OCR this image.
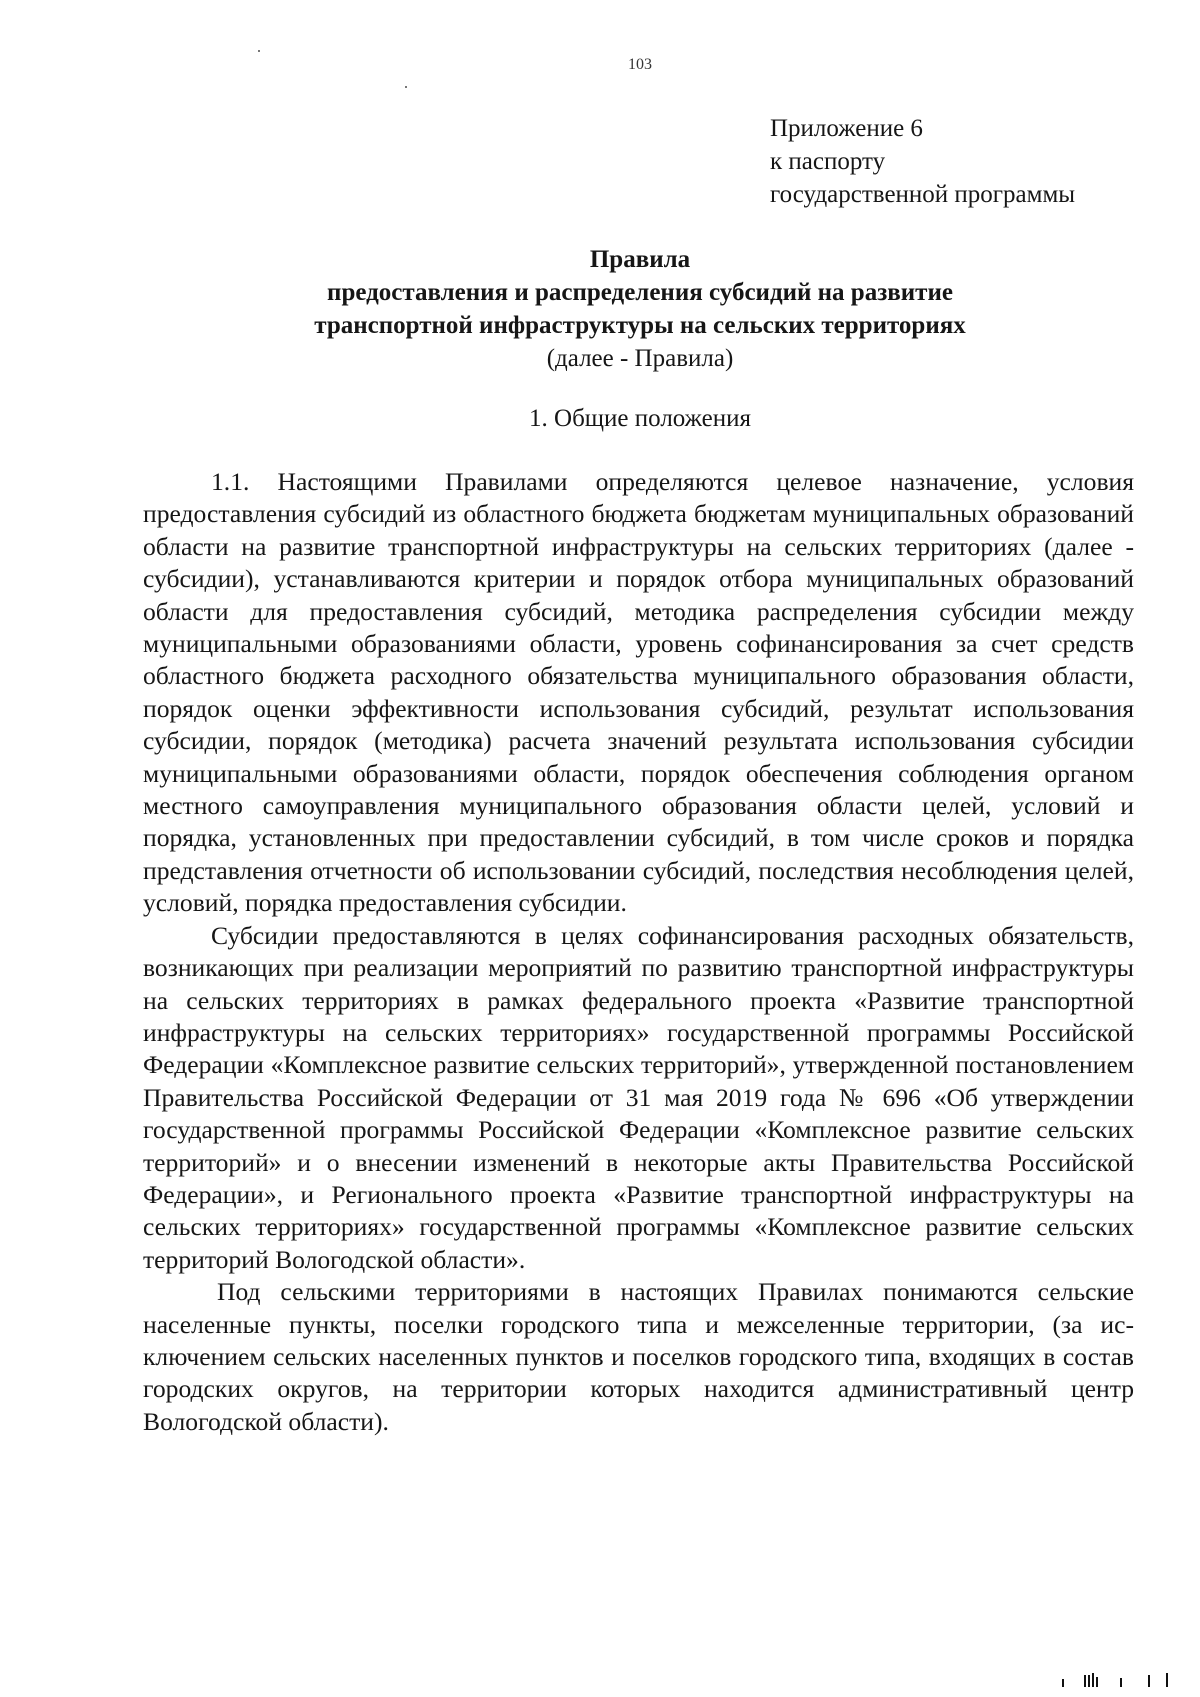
103
Приложение 6
к паспорту
государственной программы
Правила
предоставления и распределения субсидий на развитие
транспортной инфраструктуры на сельских территориях
(далее - Правила)
1. Общие положения

1.1. Настоящими Правилами определяются целевое назначение, условия предоставления субсидий из областного бюджета бюджетам муниципальных образований области на развитие транспортной инфраструктуры на сельских территориях (далее - субсидии), устанавливаются критерии и порядок отбора муниципальных образований области для предоставления субсидий, методика распределения субсидии между муниципальными образованиями области, уровень софинансирования за счет средств областного бюджета расходного обязательства муниципального образования области, порядок оценки эффективности использования субсидий, результат использования субсидии, порядок (методика) расчета значений результата использования субсидии муниципальными образованиями области, порядок обеспечения соблюдения органом местного самоуправления муниципального образования области целей, условий и порядка, установленных при предоставлении субсидий, в том числе сроков и порядка представления отчетности об использовании субсидий, последствия несоблюдения целей, условий, порядка предоставления субсидии.

Субсидии предоставляются в целях софинансирования расходных обязательств, возникающих при реализации мероприятий по развитию транспортной инфраструктуры на сельских территориях в рамках федерального проекта «Развитие транспортной инфраструктуры на сельских территориях» государственной программы Российской Федерации «Комплексное развитие сельских территорий», утвержденной постановлением Правительства Российской Федерации от 31 мая 2019 года № 696 «Об утверждении государственной программы Российской Федерации «Комплексное развитие сельских территорий» и о внесении изменений в некоторые акты Правительства Российской Федерации», и Регионального проекта «Развитие транспортной инфраструктуры на сельских территориях» государственной программы «Комплексное развитие сельских территорий Вологодской области».

Под сельскими территориями в настоящих Правилах понимаются сельские населенные пункты, поселки городского типа и межселенные территории, (за исключением сельских населенных пунктов и поселков городского типа, входящих в состав городских округов, на территории которых находится административный центр Вологодской области).
